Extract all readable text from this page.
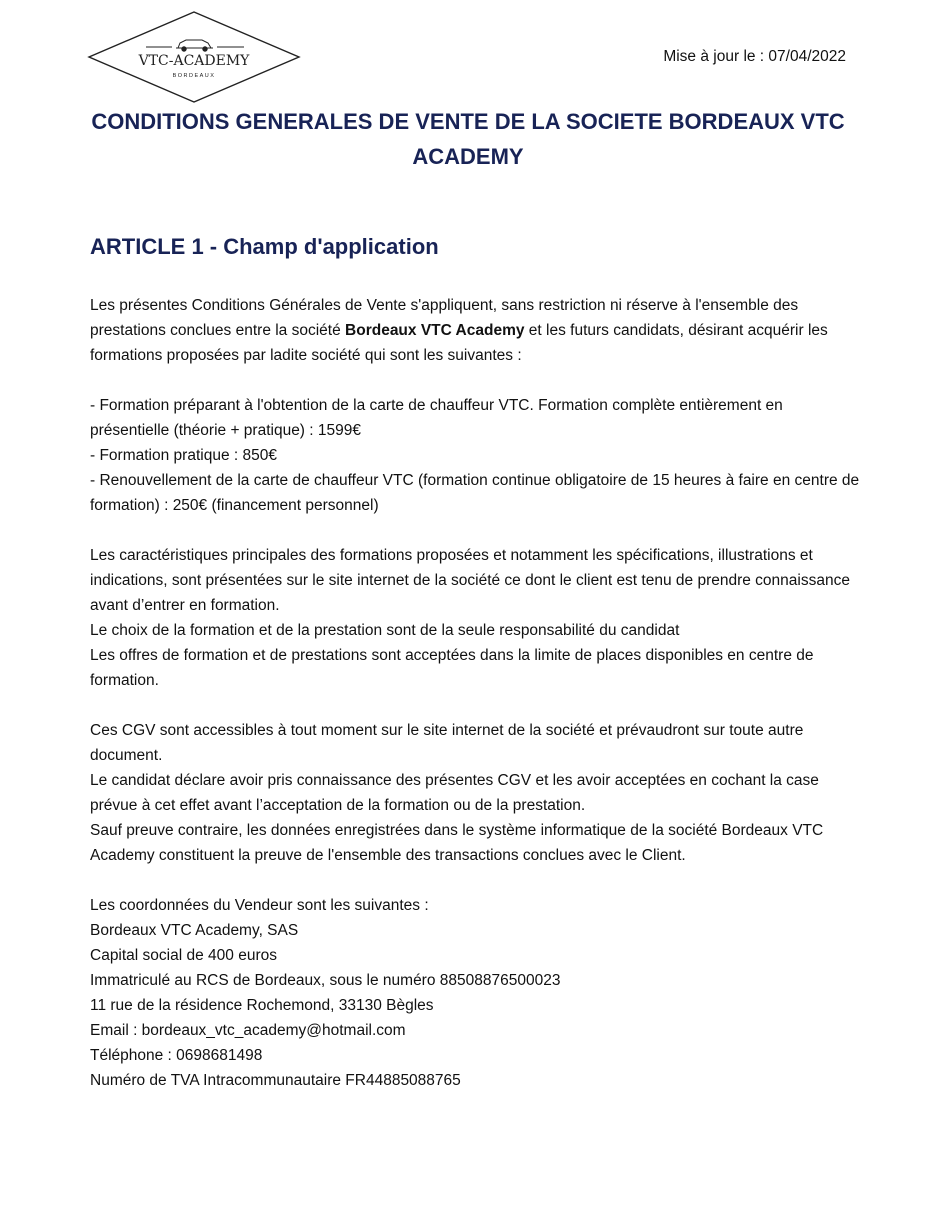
VTC-ACADEMY
BORDEAUX
Mise à jour le : 07/04/2022
CONDITIONS GENERALES DE VENTE DE LA SOCIETE BORDEAUX VTC ACADEMY
ARTICLE 1 - Champ d'application

Les présentes Conditions Générales de Vente s'appliquent, sans restriction ni réserve à l'ensemble des prestations conclues entre la société Bordeaux VTC Academy et les futurs candidats, désirant acquérir les formations proposées par ladite société qui sont les suivantes :

- Formation préparant à l'obtention de la carte de chauffeur VTC. Formation complète entièrement en présentielle (théorie + pratique) : 1599€
- Formation pratique : 850€
- Renouvellement de la carte de chauffeur VTC (formation continue obligatoire de 15 heures à faire en centre de formation) : 250€ (financement personnel)

Les caractéristiques principales des formations proposées et notamment les spécifications, illustrations et indications, sont présentées sur le site internet de la société ce dont le client est tenu de prendre connaissance avant d’entrer en formation.
Le choix de la formation et de la prestation sont de la seule responsabilité du candidat
Les offres de formation et de prestations sont acceptées dans la limite de places disponibles en centre de formation.

Ces CGV sont accessibles à tout moment sur le site internet de la société et prévaudront sur toute autre document.
Le candidat déclare avoir pris connaissance des présentes CGV et les avoir acceptées en cochant la case prévue à cet effet avant l’acceptation de la formation ou de la prestation.
Sauf preuve contraire, les données enregistrées dans le système informatique de la société Bordeaux VTC Academy constituent la preuve de l'ensemble des transactions conclues avec le Client.

Les coordonnées du Vendeur sont les suivantes :
Bordeaux VTC Academy, SAS
Capital social de 400 euros
Immatriculé au RCS de Bordeaux, sous le numéro 88508876500023
11 rue de la résidence Rochemond, 33130 Bègles
Email : bordeaux_vtc_academy@hotmail.com
Téléphone : 0698681498
Numéro de TVA Intracommunautaire FR44885088765
